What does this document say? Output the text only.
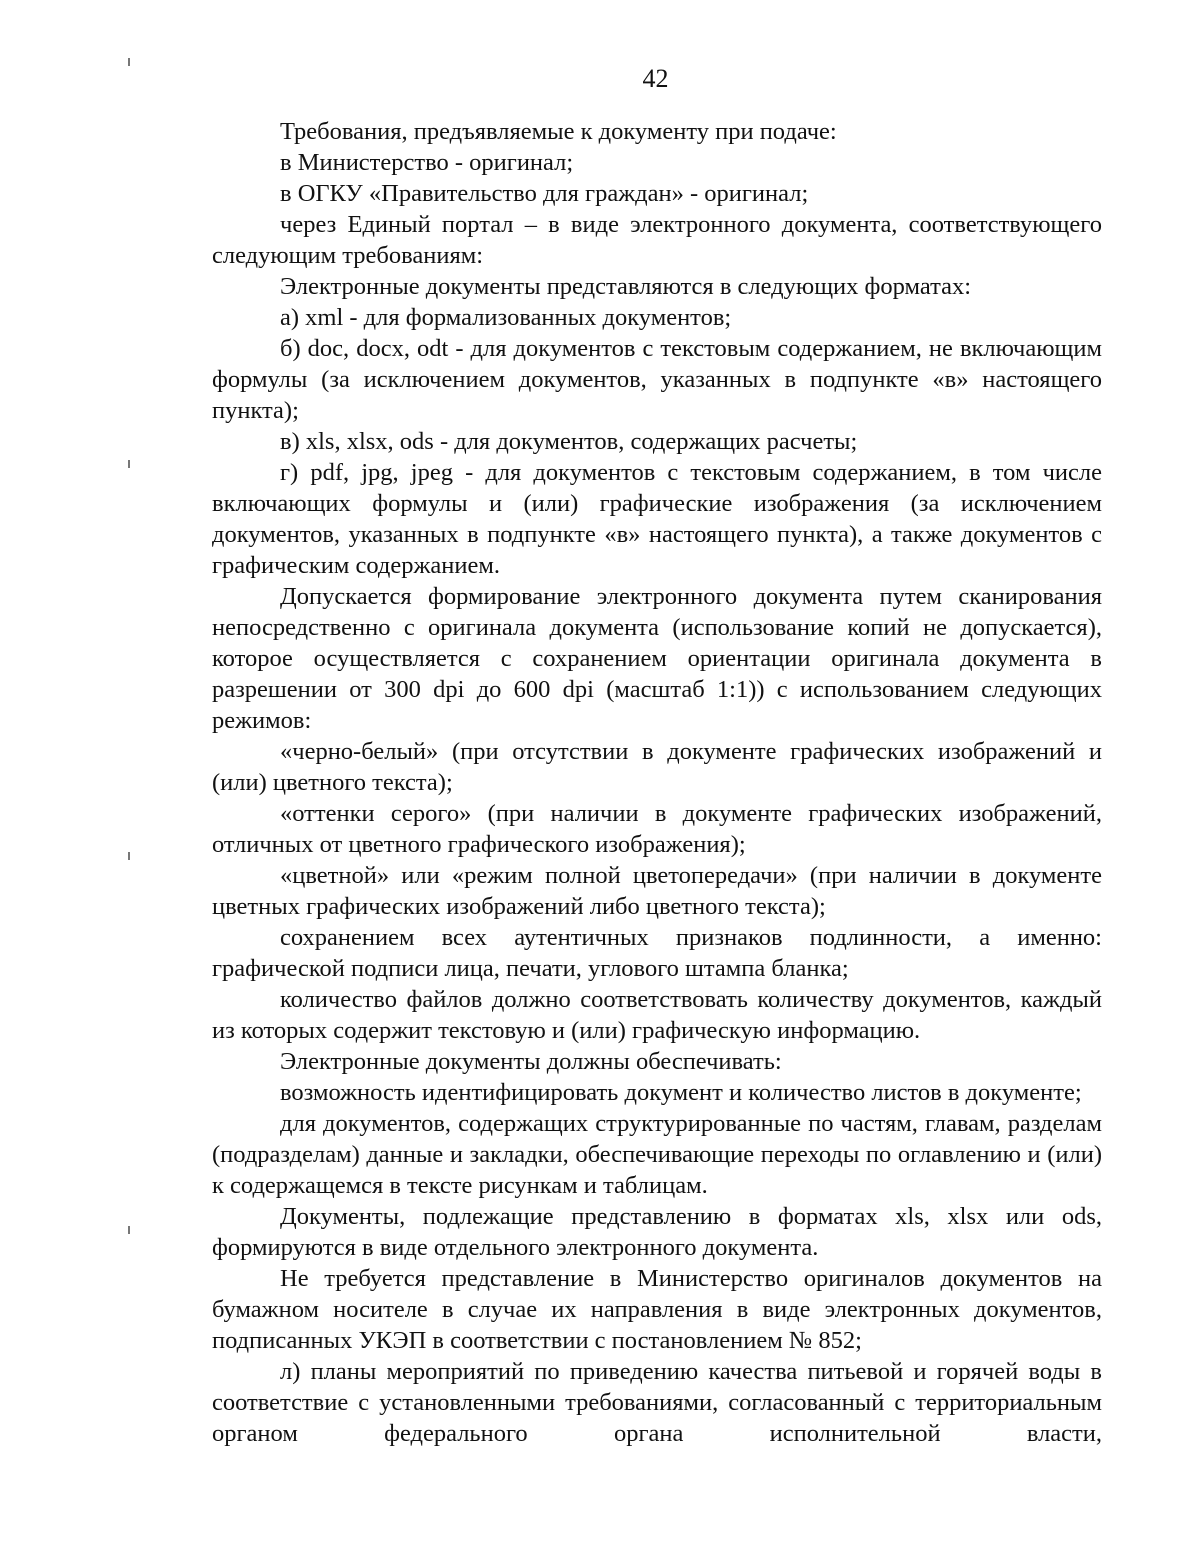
42

Требования, предъявляемые к документу при подаче:

в Министерство - оригинал;

в ОГКУ «Правительство для граждан» - оригинал;

через Единый портал – в виде электронного документа, соответствующего следующим требованиям:

Электронные документы представляются в следующих форматах:

а) xml - для формализованных документов;

б) doc, docx, odt - для документов с текстовым содержанием, не включающим формулы (за исключением документов, указанных в подпункте «в» настоящего пункта);

в) xls, xlsx, ods - для документов, содержащих расчеты;

г) pdf, jpg, jpeg - для документов с текстовым содержанием, в том числе включающих формулы и (или) графические изображения (за исключением документов, указанных в подпункте «в» настоящего пункта), а также документов с графическим содержанием.

Допускается формирование электронного документа путем сканирования непосредственно с оригинала документа (использование копий не допускается), которое осуществляется с сохранением ориентации оригинала документа в разрешении от 300 dpi до 600 dpi (масштаб 1:1)) с использованием следующих режимов:

«черно-белый» (при отсутствии в документе графических изображений и (или) цветного текста);

«оттенки серого» (при наличии в документе графических изображений, отличных от цветного графического изображения);

«цветной» или «режим полной цветопередачи» (при наличии в документе цветных графических изображений либо цветного текста);

сохранением всех аутентичных признаков подлинности, а именно: графической подписи лица, печати, углового штампа бланка;

количество файлов должно соответствовать количеству документов, каждый из которых содержит текстовую и (или) графическую информацию.

Электронные документы должны обеспечивать:

возможность идентифицировать документ и количество листов в документе;

для документов, содержащих структурированные по частям, главам, разделам (подразделам) данные и закладки, обеспечивающие переходы по оглавлению и (или) к содержащемся в тексте рисункам и таблицам.

Документы, подлежащие представлению в форматах xls, xlsx или ods, формируются в виде отдельного электронного документа.

Не требуется представление в Министерство оригиналов документов на бумажном носителе в случае их направления в виде электронных документов, подписанных УКЭП в соответствии с постановлением № 852;

л) планы мероприятий по приведению качества питьевой и горячей воды в соответствие с установленными требованиями, согласованный с территориальным органом федерального органа исполнительной власти,
